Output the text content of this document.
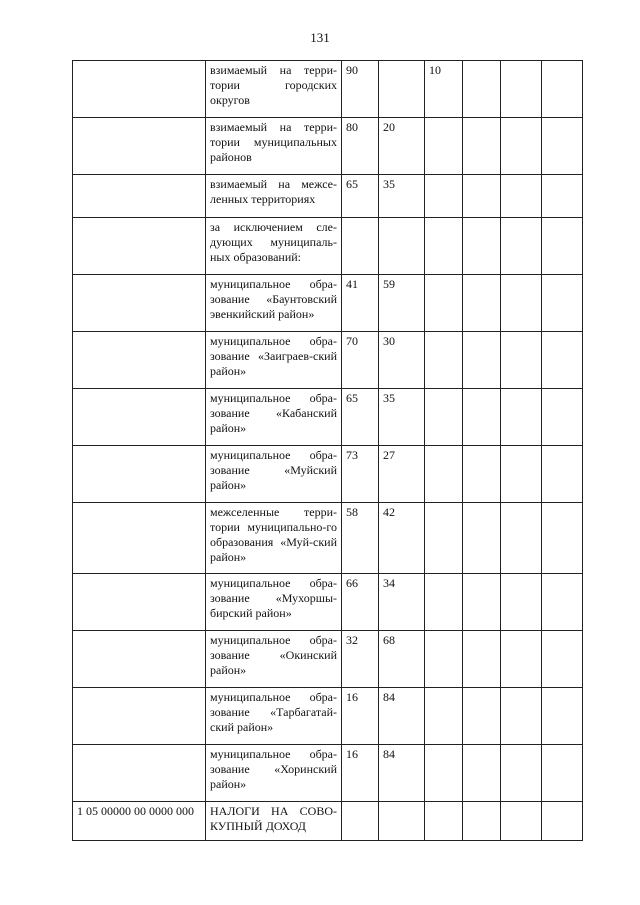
131
	взимаемый на терри-тории городских округов	90		10			
	взимаемый на терри-тории муниципальных районов	80	20				
	взимаемый на межсе-ленных территориях	65	35				
	за исключением сле-дующих муниципаль-ных образований:						
	муниципальное обра-зование «Баунтовский эвенкийский район»	41	59				
	муниципальное обра-зование «Заиграев-ский район»	70	30				
	муниципальное обра-зование «Кабанский район»	65	35				
	муниципальное обра-зование «Муйский район»	73	27				
	межселенные терри-тории муниципально-го образования «Муй-ский район»	58	42				
	муниципальное обра-зование «Мухоршы-бирский район»	66	34				
	муниципальное обра-зование «Окинский район»	32	68				
	муниципальное обра-зование «Тарбагатай-ский район»	16	84				
	муниципальное обра-зование «Хоринский район»	16	84				
1 05 00000 00 0000 000	НАЛОГИ НА СОВО-КУПНЫЙ ДОХОД						
